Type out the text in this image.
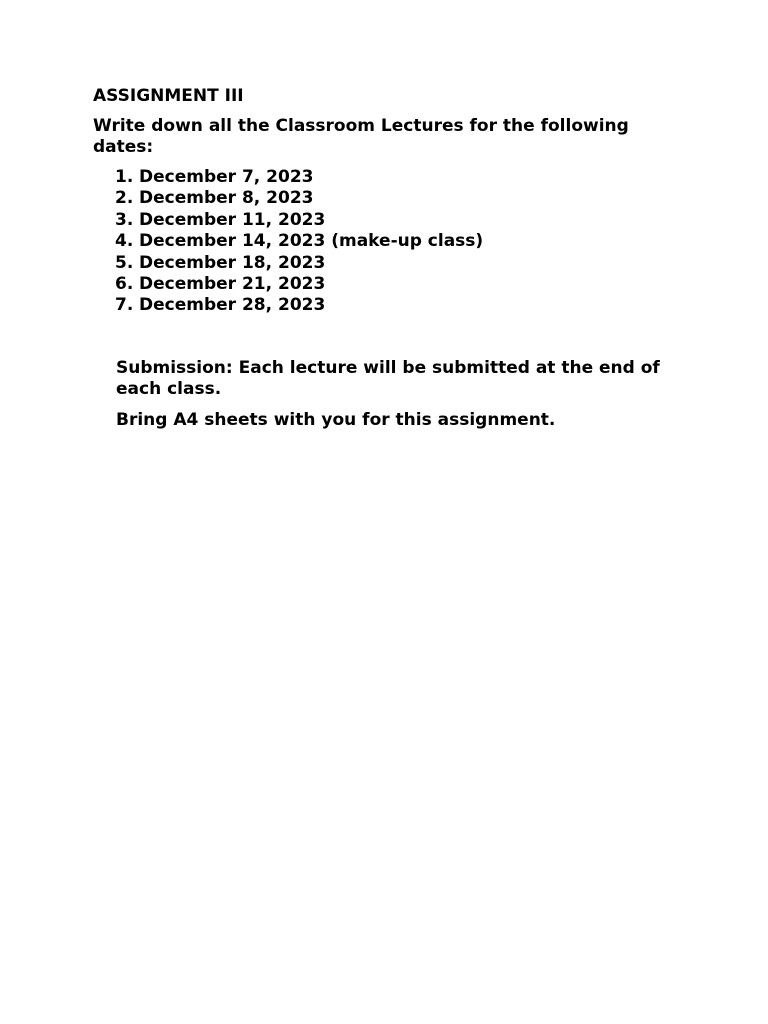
ASSIGNMENT III

Write down all the Classroom Lectures for the following dates:

1. December 7, 2023
2. December 8, 2023
3. December 11, 2023
4. December 14, 2023 (make-up class)
5. December 18, 2023
6. December 21, 2023
7. December 28, 2023

Submission: Each lecture will be submitted at the end of each class.

Bring A4 sheets with you for this assignment.
